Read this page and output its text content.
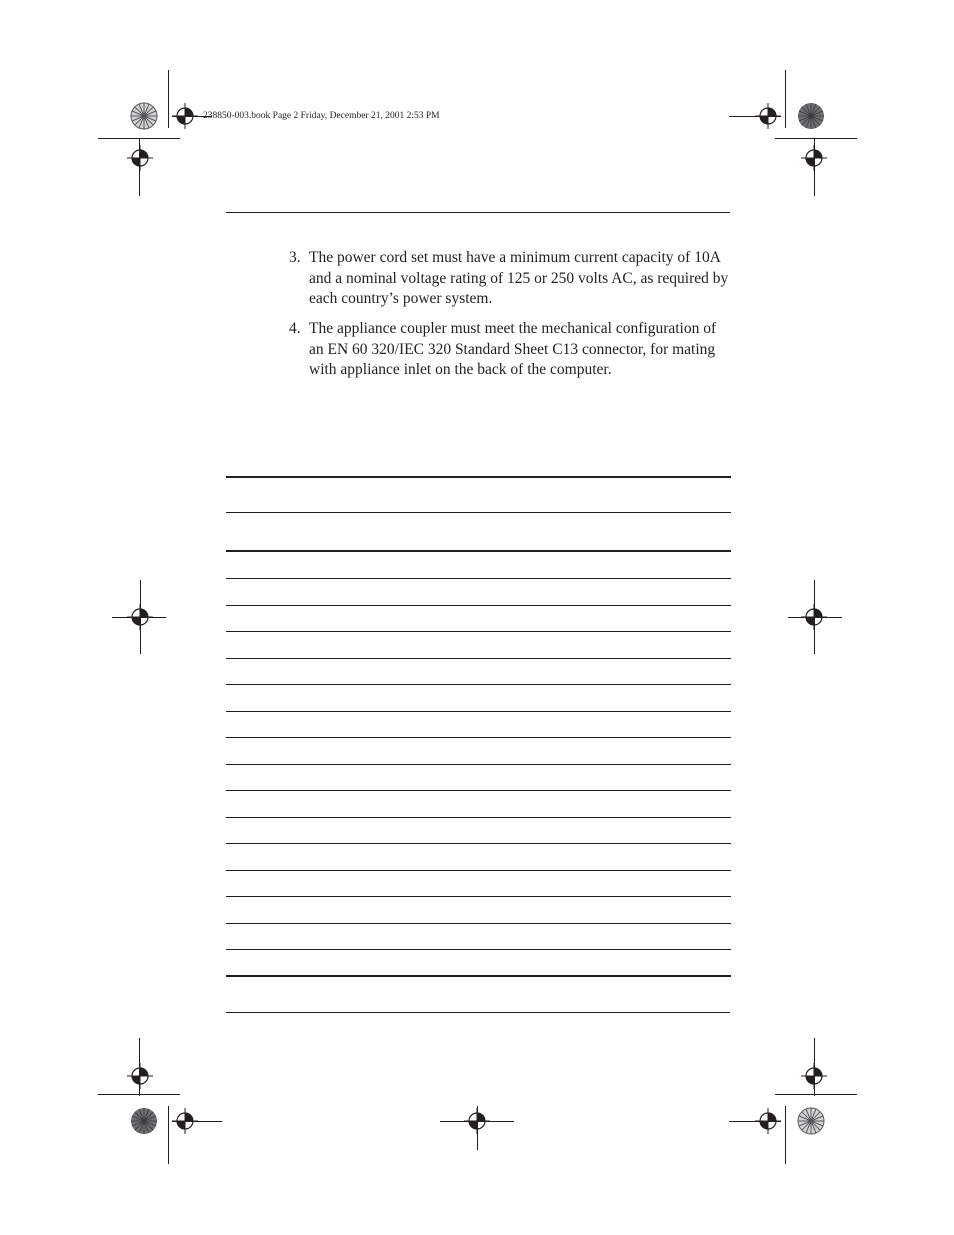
238850-003.book Page 2 Friday, December 21, 2001 2:53 PM
3. The power cord set must have a minimum current capacity of 10A and a nominal voltage rating of 125 or 250 volts AC, as required by each country’s power system.
4. The appliance coupler must meet the mechanical configuration of an EN 60 320/IEC 320 Standard Sheet C13 connector, for mating with appliance inlet on the back of the computer.
